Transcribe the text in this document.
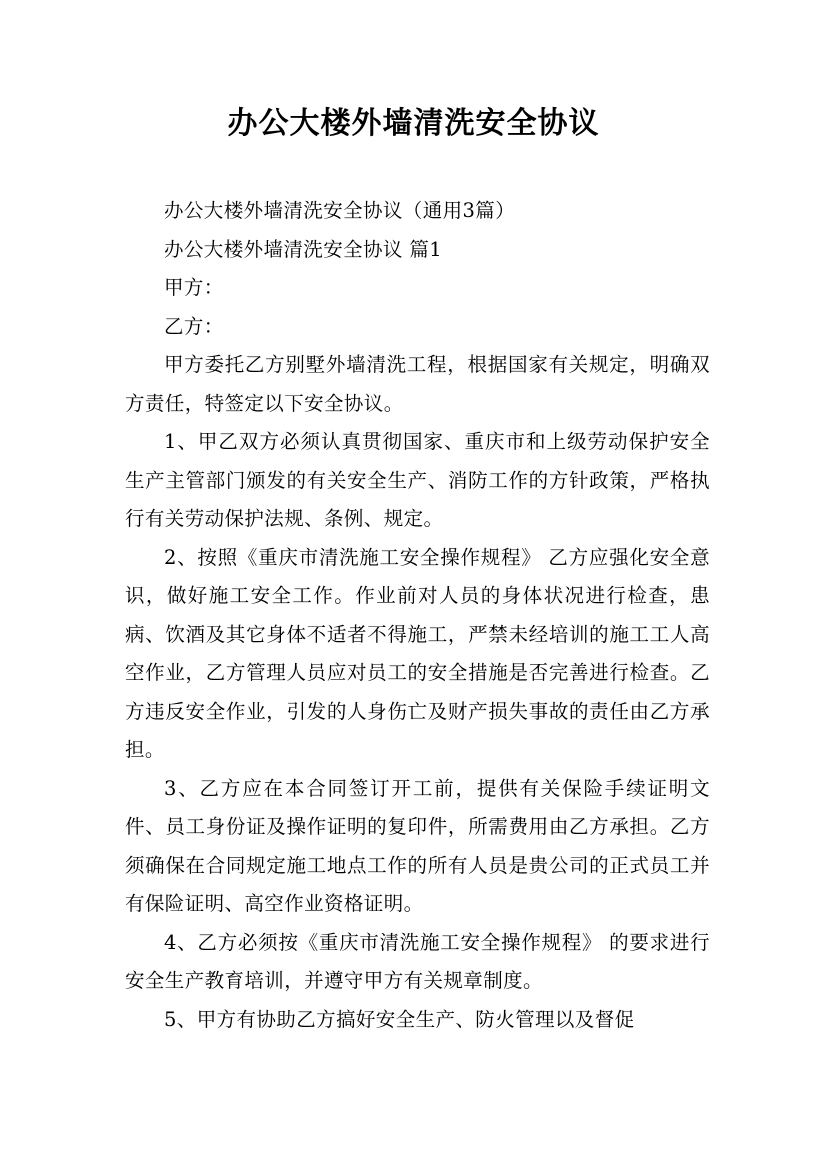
办公大楼外墙清洗安全协议

办公大楼外墙清洗安全协议（通用3篇）

办公大楼外墙清洗安全协议 篇1

甲方：

乙方：

甲方委托乙方别墅外墙清洗工程，根据国家有关规定，明确双方责任，特签定以下安全协议。

1、甲乙双方必须认真贯彻国家、重庆市和上级劳动保护安全生产主管部门颁发的有关安全生产、消防工作的方针政策，严格执行有关劳动保护法规、条例、规定。

2、按照《重庆市清洗施工安全操作规程》 乙方应强化安全意识，做好施工安全工作。作业前对人员的身体状况进行检查，患病、饮酒及其它身体不适者不得施工，严禁未经培训的施工工人高空作业，乙方管理人员应对员工的安全措施是否完善进行检查。乙方违反安全作业，引发的人身伤亡及财产损失事故的责任由乙方承担。

3、乙方应在本合同签订开工前，提供有关保险手续证明文件、员工身份证及操作证明的复印件，所需费用由乙方承担。乙方须确保在合同规定施工地点工作的所有人员是贵公司的正式员工并有保险证明、高空作业资格证明。

4、乙方必须按《重庆市清洗施工安全操作规程》 的要求进行安全生产教育培训，并遵守甲方有关规章制度。

5、甲方有协助乙方搞好安全生产、防火管理以及督促
